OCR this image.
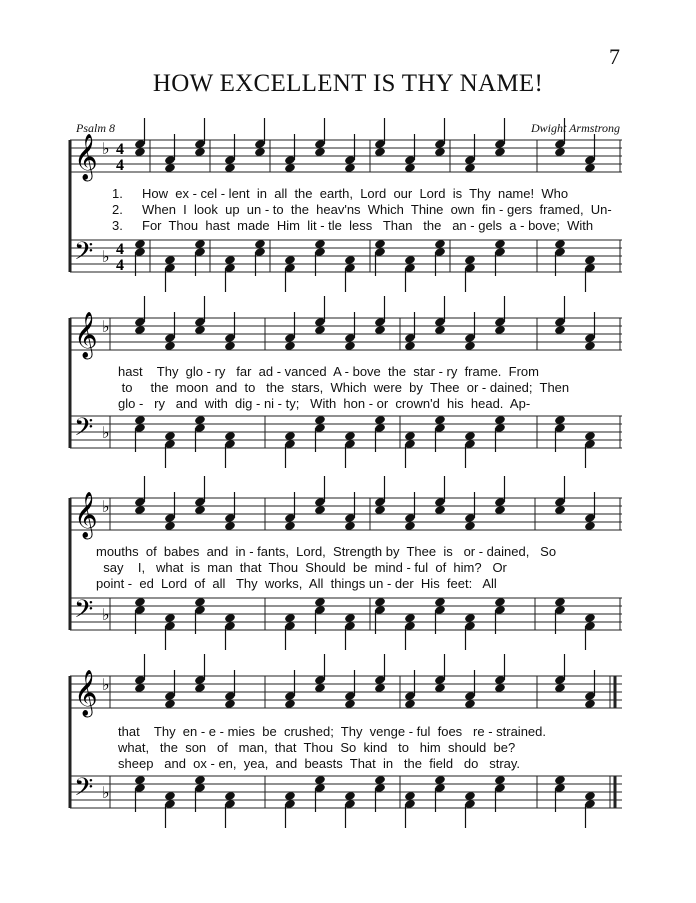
7
HOW EXCELLENT IS THY NAME!
Psalm 8	Dwight Armstrong
𝄞
𝄢
♭
♭
4
4
4
4
𝄞
𝄢
♭
♭
𝄞
𝄢
♭
♭
𝄞
𝄢
♭
♭
1. How  ex - cel - lent  in  all  the  earth,  Lord  our  Lord  is  Thy  name!  Who
2. When  I  look  up  un - to  the  heav'ns  Which  Thine  own  fin - gers  framed,  Un-
3. For  Thou  hast  made  Him  lit - tle  less   Than   the   an - gels  a - bove;  With
hast    Thy  glo - ry   far  ad - vanced  A - bove  the  star - ry  frame.  From
to     the  moon  and  to   the  stars,  Which  were  by  Thee  or - dained;  Then
glo -   ry   and  with  dig - ni - ty;   With  hon - or  crown'd  his  head.  Ap-
mouths  of  babes  and  in - fants,  Lord,  Strength by  Thee  is   or - dained,   So
say    I,   what  is  man  that  Thou  Should  be  mind - ful  of  him?   Or
point -  ed  Lord  of  all   Thy  works,  All  things un - der  His  feet:   All
that    Thy  en - e - mies  be  crushed;  Thy  venge - ful  foes   re - strained.
what,   the  son   of   man,  that  Thou  So  kind   to   him  should  be?
sheep   and  ox - en,  yea,  and  beasts  That  in   the  field   do   stray.
